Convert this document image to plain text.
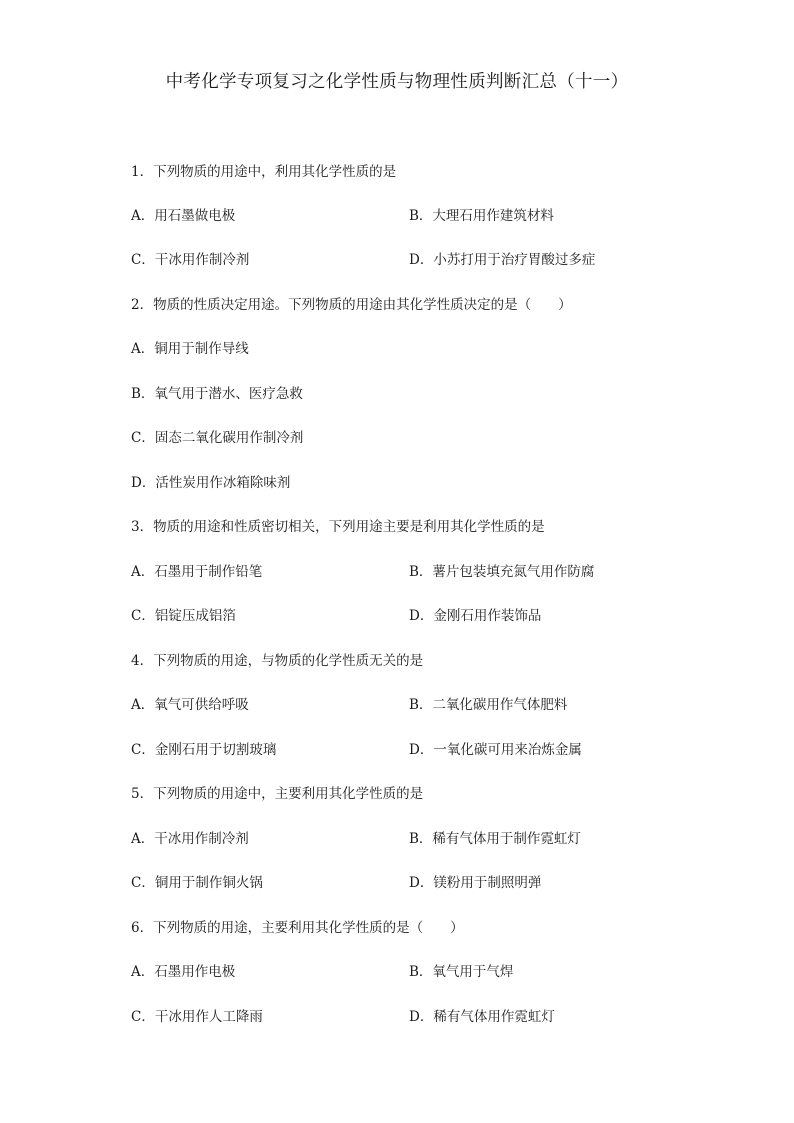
中考化学专项复习之化学性质与物理性质判断汇总（十一）
1．下列物质的用途中，利用其化学性质的是
A．用石墨做电极	B．大理石用作建筑材料
C．干冰用作制冷剂	D．小苏打用于治疗胃酸过多症
2．物质的性质决定用途。下列物质的用途由其化学性质决定的是（　　）
A．铜用于制作导线
B．氧气用于潜水、医疗急救
C．固态二氧化碳用作制冷剂
D．活性炭用作冰箱除味剂
3．物质的用途和性质密切相关，下列用途主要是利用其化学性质的是
A．石墨用于制作铅笔	B．薯片包装填充氮气用作防腐
C．铝锭压成铝箔	D．金刚石用作装饰品
4．下列物质的用途，与物质的化学性质无关的是
A．氧气可供给呼吸	B．二氧化碳用作气体肥料
C．金刚石用于切割玻璃	D．一氧化碳可用来冶炼金属
5．下列物质的用途中，主要利用其化学性质的是
A．干冰用作制冷剂	B．稀有气体用于制作霓虹灯
C．铜用于制作铜火锅	D．镁粉用于制照明弹
6．下列物质的用途，主要利用其化学性质的是（　　）
A．石墨用作电极	B．氧气用于气焊
C．干冰用作人工降雨	D．稀有气体用作霓虹灯
